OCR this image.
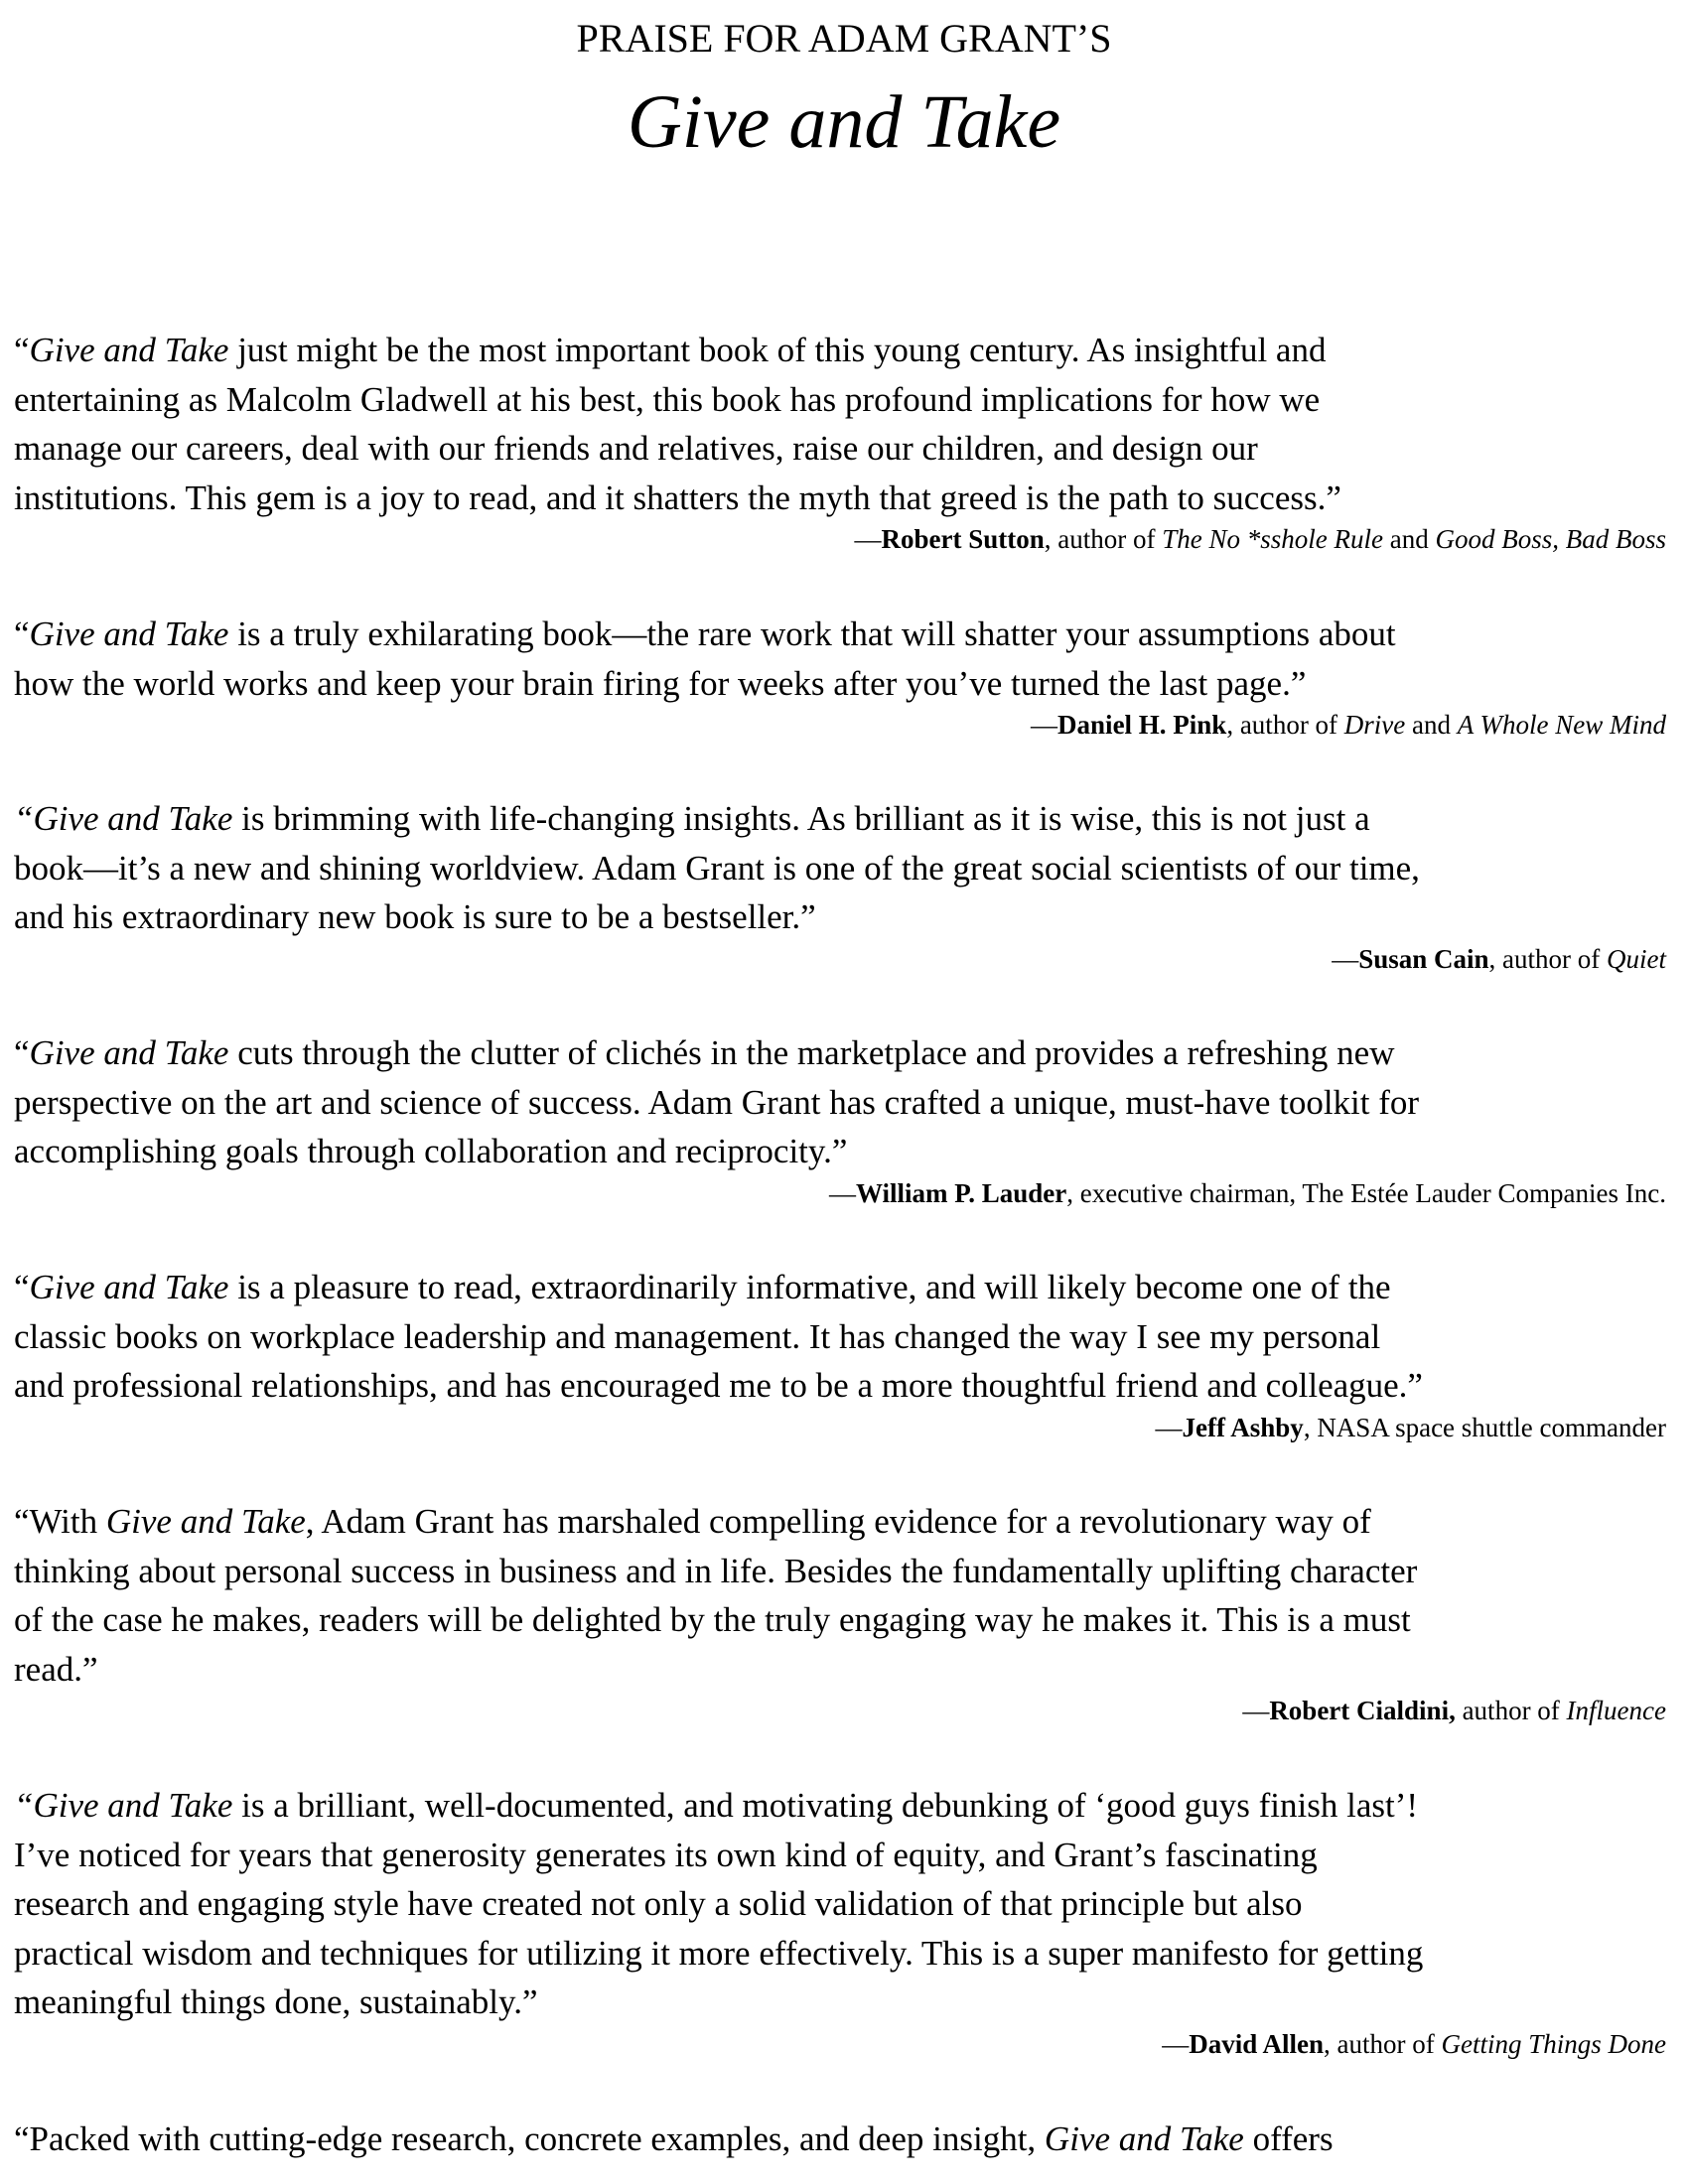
PRAISE FOR ADAM GRANT’S
Give and Take

“Give and Take just might be the most important book of this young century. As insightful and
entertaining as Malcolm Gladwell at his best, this book has profound implications for how we
manage our careers, deal with our friends and relatives, raise our children, and design our
institutions. This gem is a joy to read, and it shatters the myth that greed is the path to success.”

—Robert Sutton, author of The No *sshole Rule and Good Boss, Bad Boss

“Give and Take is a truly exhilarating book—the rare work that will shatter your assumptions about
how the world works and keep your brain firing for weeks after you’ve turned the last page.”

—Daniel H. Pink, author of Drive and A Whole New Mind

“Give and Take is brimming with life-changing insights. As brilliant as it is wise, this is not just a
book—it’s a new and shining worldview. Adam Grant is one of the great social scientists of our time,
and his extraordinary new book is sure to be a bestseller.”

—Susan Cain, author of Quiet

“Give and Take cuts through the clutter of clichés in the marketplace and provides a refreshing new
perspective on the art and science of success. Adam Grant has crafted a unique, must-have toolkit for
accomplishing goals through collaboration and reciprocity.”

—William P. Lauder, executive chairman, The Estée Lauder Companies Inc.

“Give and Take is a pleasure to read, extraordinarily informative, and will likely become one of the
classic books on workplace leadership and management. It has changed the way I see my personal
and professional relationships, and has encouraged me to be a more thoughtful friend and colleague.”

—Jeff Ashby, NASA space shuttle commander

“With Give and Take, Adam Grant has marshaled compelling evidence for a revolutionary way of
thinking about personal success in business and in life. Besides the fundamentally uplifting character
of the case he makes, readers will be delighted by the truly engaging way he makes it. This is a must
read.”

—Robert Cialdini, author of Influence

“Give and Take is a brilliant, well-documented, and motivating debunking of ‘good guys finish last’!
I’ve noticed for years that generosity generates its own kind of equity, and Grant’s fascinating
research and engaging style have created not only a solid validation of that principle but also
practical wisdom and techniques for utilizing it more effectively. This is a super manifesto for getting
meaningful things done, sustainably.”

—David Allen, author of Getting Things Done

“Packed with cutting-edge research, concrete examples, and deep insight, Give and Take offers
